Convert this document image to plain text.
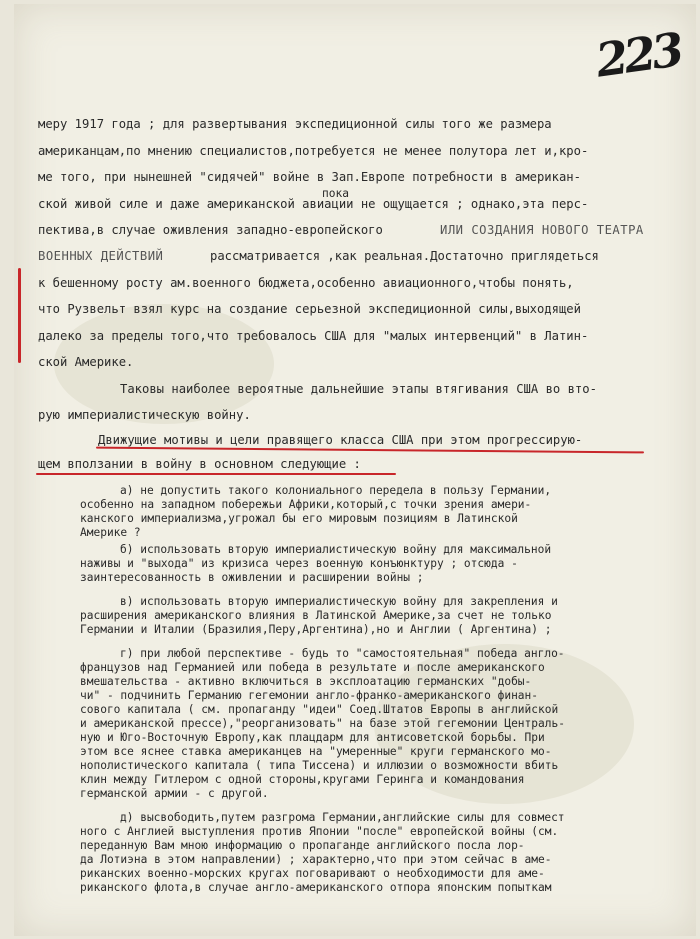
223
меру 1917 года ; для развертывания экспедиционной силы того же размера
американцам,по мнению специалистов,потребуется не менее полутора лет и,кро-
ме того, при нынешней "сидячей" войне в Зап.Европе потребности в американ-
пока
ской живой силе и даже американской авиации не ощущается ; однако,эта перс-
пектива,в случае оживления западно-европейского	ИЛИ СОЗДАНИЯ НОВОГО ТЕАТРА
ВОЕННЫХ ДЕЙСТВИЙ	рассматривается ,как реальная.Достаточно приглядеться
к бешенному росту ам.военного бюджета,особенно авиационного,чтобы понять,
что Рузвельт взял курс на создание серьезной экспедиционной силы,выходящей
далеко за пределы того,что требовалось США для "малых интервенций" в Латин-
ской Америке.
Таковы наиболее вероятные дальнейшие этапы втягивания США во вто-
рую империалистическую войну.
Движущие мотивы и цели правящего класса США при этом прогрессирую-
щем вползании в войну в основном следующие :
а) не допустить такого колониального передела в пользу Германии,
особенно на западном побережьи Африки,который,с точки зрения амери-
канского империализма,угрожал бы его мировым позициям в Латинской
Америке ?
б) использовать вторую империалистическую войну для максимальной
наживы и "выхода" из кризиса через военную конъюнктуру ; отсюда -
заинтересованность в оживлении и расширении войны ;
в) использовать вторую империалистическую войну для закрепления и
расширения американского влияния в Латинской Америке,за счет не только
Германии и Италии (Бразилия,Перу,Аргентина),но и Англии ( Аргентина) ;
г) при любой перспективе - будь то "самостоятельная" победа англо-
французов над Германией или победа в результате и после американского
вмешательства - активно включиться в эксплоатацию германских "добы-
чи" - подчинить Германию гегемонии англо-франко-американского финан-
сового капитала ( см. пропаганду "идеи" Соед.Штатов Европы в английской
и американской прессе),"реорганизовать" на базе этой гегемонии Централь-
ную и Юго-Восточную Европу,как плацдарм для антисоветской борьбы. При
этом все яснее ставка американцев на "умеренные" круги германского мо-
нополистического капитала ( типа Тиссена) и иллюзии о возможности вбить
клин между Гитлером с одной стороны,кругами Геринга и командования
германской армии - с другой.
д) высвободить,путем разгрома Германии,английские силы для совмест
ного с Англией выступления против Японии "после" европейской войны (см.
переданную Вам мною информацию о пропаганде английского посла лор-
да Лотиэна в этом направлении) ; характерно,что при этом сейчас в аме-
риканских военно-морских кругах поговаривают о необходимости для аме-
риканского флота,в случае англо-американского отпора японским попыткам
